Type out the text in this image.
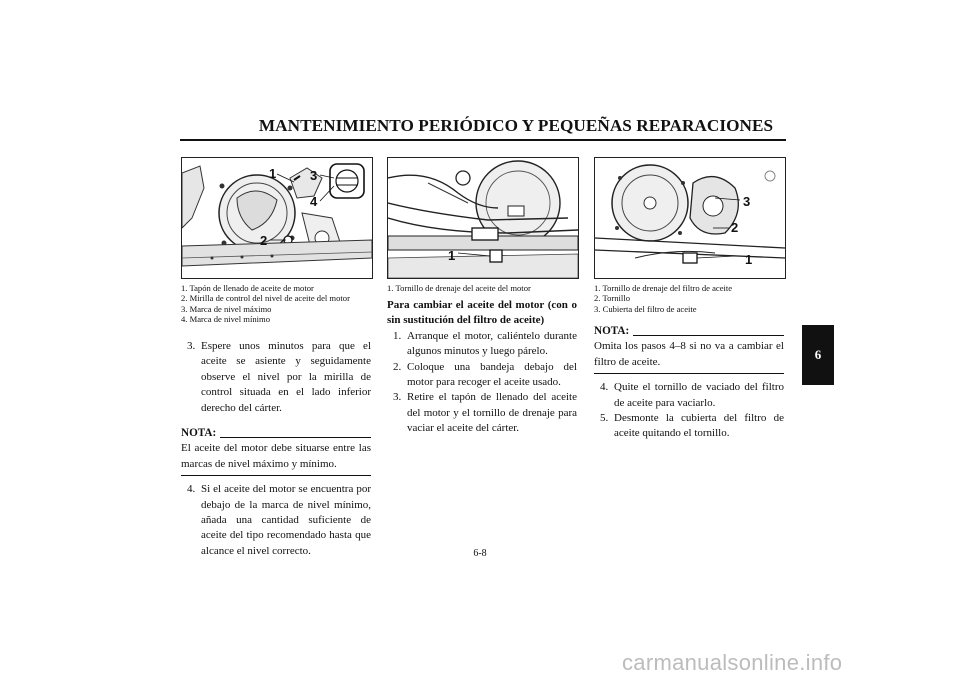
MANTENIMIENTO PERIÓDICO Y PEQUEÑAS REPARACIONES
1
2
3
4
1
3
2
1
1. Tapón de llenado de aceite de motor
2. Mirilla de control del nivel de aceite del motor
3. Marca de nivel máximo
4. Marca de nivel mínimo
1. Tornillo de drenaje del aceite del motor	1. Tornillo de drenaje del filtro de aceite
2. Tornillo
3. Cubierta del filtro de aceite
3. Espere unos minutos para que el aceite se asiente y seguidamente observe el nivel por la mirilla de control situada en el lado inferior derecho del cárter.
NOTA:
El aceite del motor debe situarse entre las marcas de nivel máximo y mínimo.
4. Si el aceite del motor se encuentra por debajo de la marca de nivel mínimo, añada una cantidad suficiente de aceite del tipo recomendado hasta que alcance el nivel correcto.
Para cambiar el aceite del motor (con o sin sustitución del filtro de aceite)
1. Arranque el motor, caliéntelo durante algunos minutos y luego párelo.
2. Coloque una bandeja debajo del motor para recoger el aceite usado.
3. Retire el tapón de llenado del aceite del motor y el tornillo de drenaje para vaciar el aceite del cárter.
NOTA:
Omita los pasos 4–8 si no va a cambiar el filtro de aceite.
4. Quite el tornillo de vaciado del filtro de aceite para vaciarlo.
5. Desmonte la cubierta del filtro de aceite quitando el tornillo.
6
6-8
carmanualsonline.info
